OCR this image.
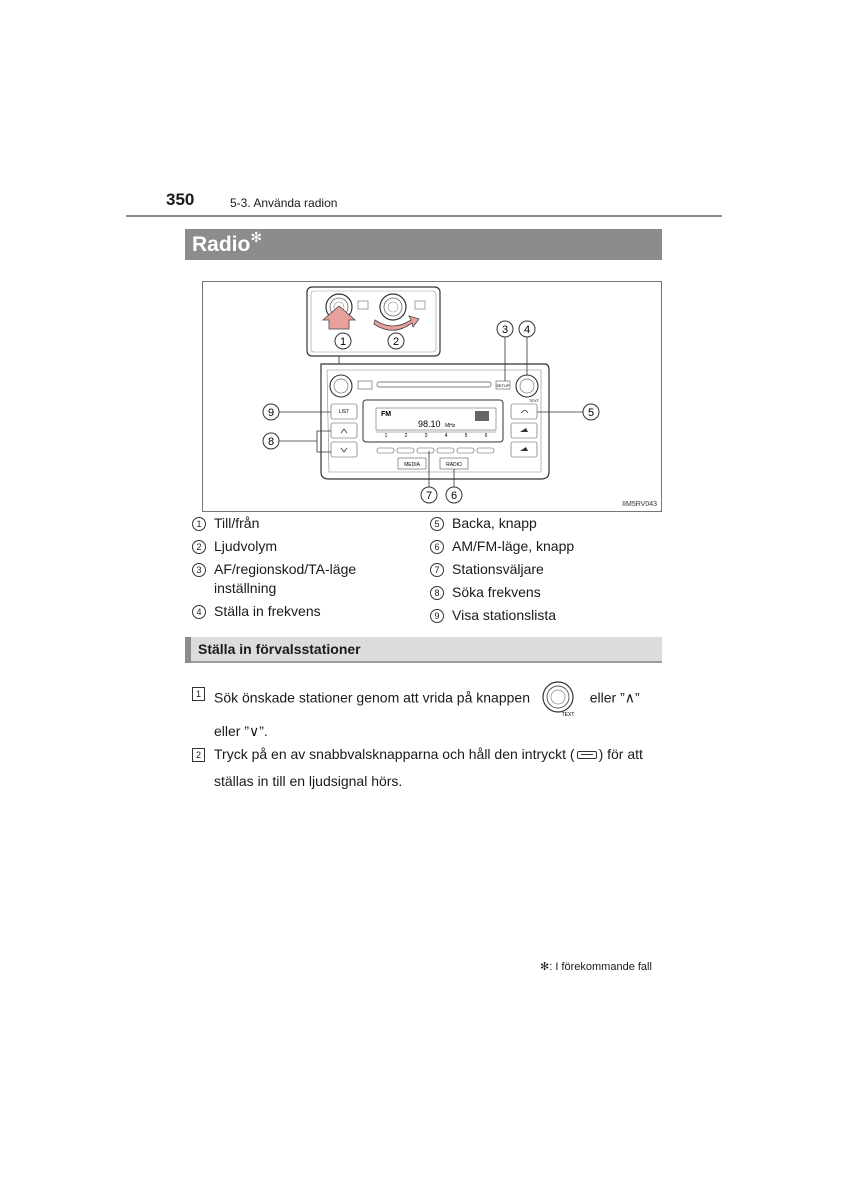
350	5-3. Använda radion
Radio✻
1	2
TEXT
SETUP
LIST	FM
98.10 MHz
1	2	3	4	5	6
MEDIA	RADIO
3 4
5
9
8
7 6
IIM5RV043
1 Till/från
2 Ljudvolym
3 AF/regionskod/TA-läge inställning
4 Ställa in frekvens
5 Backa, knapp
6 AM/FM-läge, knapp
7 Stationsväljare
8 Söka frekvens
9 Visa stationslista
Ställa in förvalsstationer
1 Sök önskade stationer genom att vrida på knappen
TEXT
eller ”∧” eller ”∨”.
2 Tryck på en av snabbvalsknapparna och håll den intryckt ( ) för att ställas in till en ljudsignal hörs.
✻: I förekommande fall
